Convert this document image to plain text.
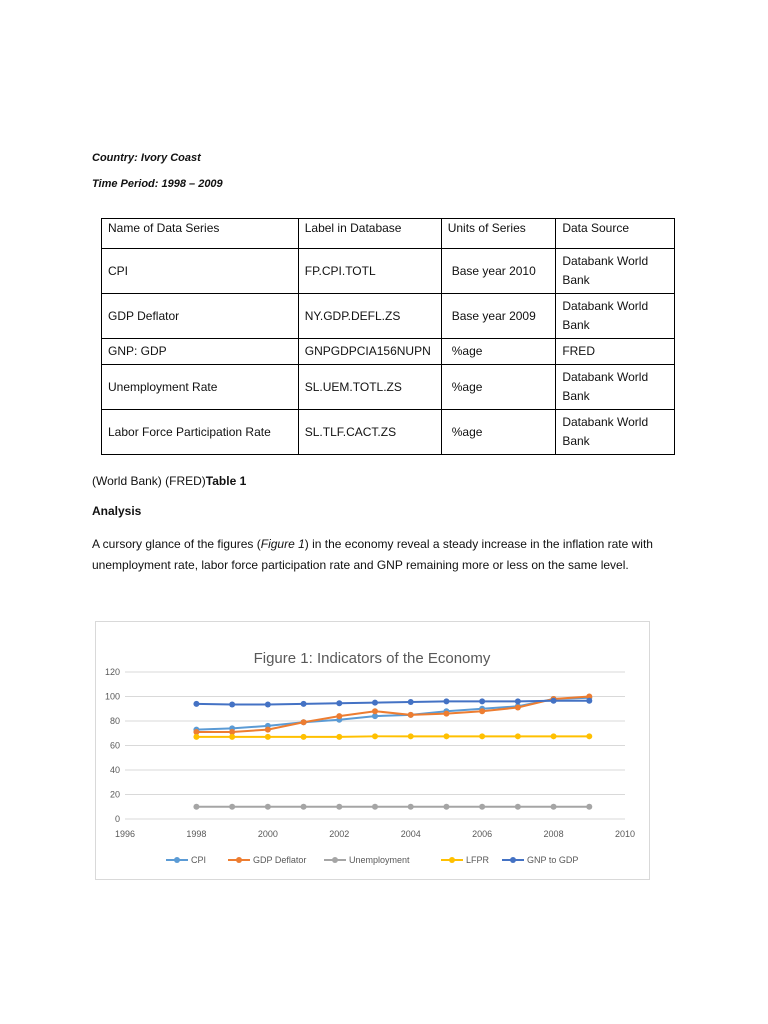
Country: Ivory Coast
Time Period: 1998 – 2009
Name of Data Series	Label in Database	Units of Series	Data Source
CPI	FP.CPI.TOTL	Base year 2010	Databank World Bank
GDP Deflator	NY.GDP.DEFL.ZS	Base year 2009	Databank World Bank
GNP: GDP	GNPGDPCIA156NUPN	%age	FRED
Unemployment Rate	SL.UEM.TOTL.ZS	%age	Databank World Bank
Labor Force Participation Rate	SL.TLF.CACT.ZS	%age	Databank World Bank
(World Bank) (FRED)Table 1
Analysis
A cursory glance of the figures (Figure 1) in the economy reveal a steady increase in the inflation rate with unemployment rate, labor force participation rate and GNP remaining more or less on the same level.
Figure 1: Indicators of the Economy
0
20
40
60
80
100
120
1996	1998	2000	2002	2004	2006	2008	2010
CPI	GDP Deflator	Unemployment	LFPR	GNP to GDP
